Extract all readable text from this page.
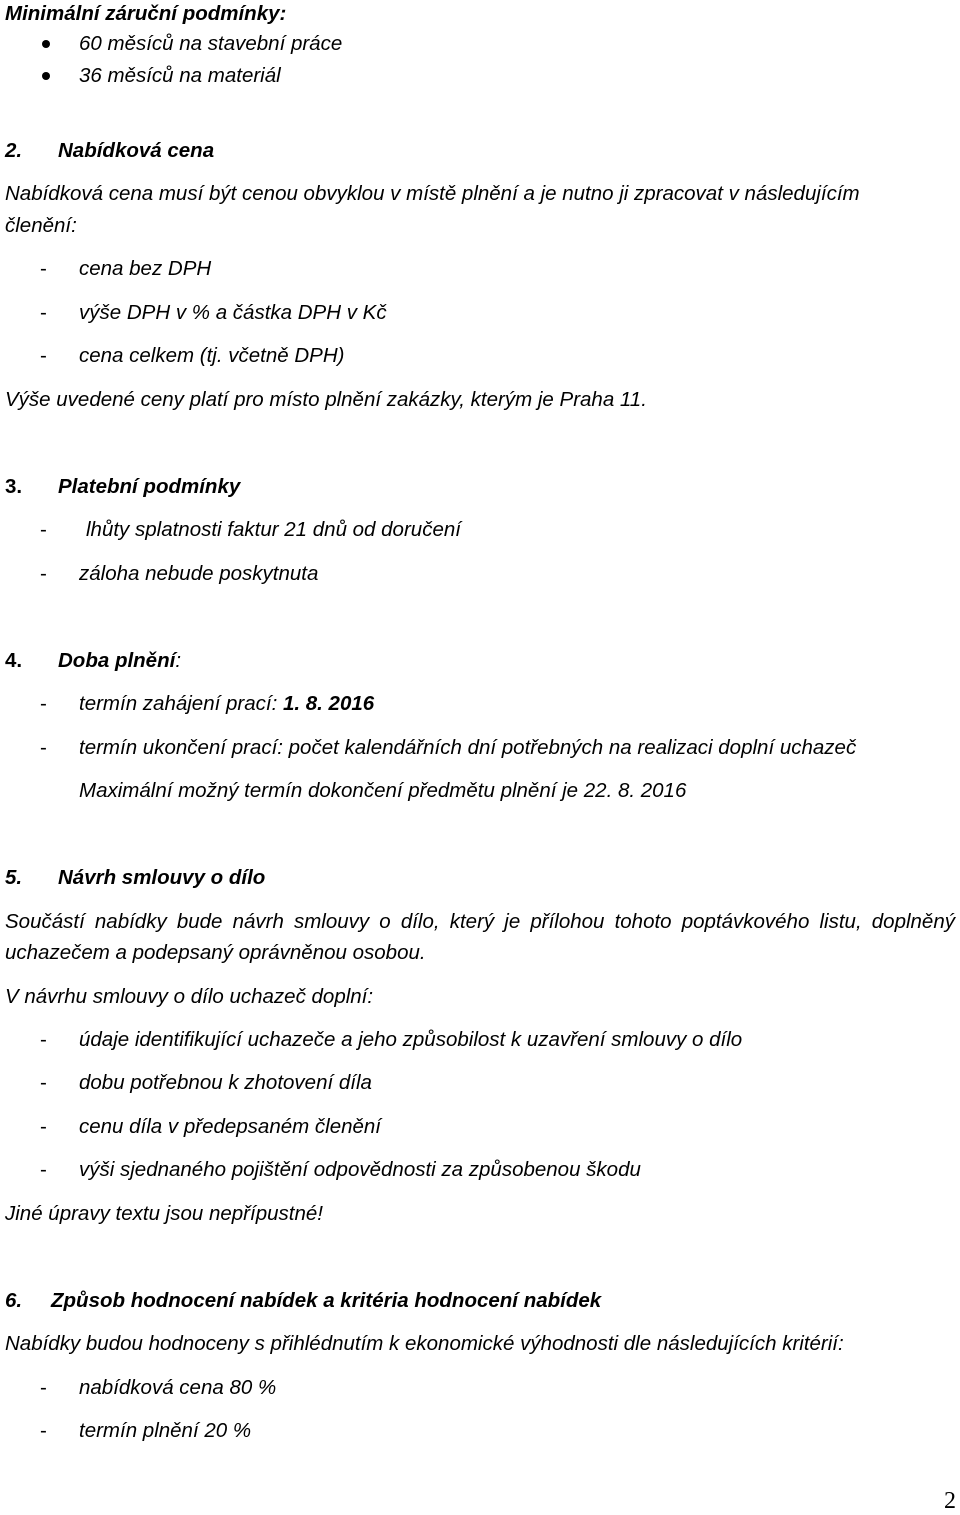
Minimální záruční podmínky:
60 měsíců na stavební práce
36 měsíců na materiál
2. Nabídková cena
Nabídková cena musí být cenou obvyklou v místě plnění a je nutno ji zpracovat v následujícím
členění:
- cena bez DPH
- výše DPH v % a částka DPH v Kč
- cena celkem (tj. včetně DPH)
Výše uvedené ceny platí pro místo plnění zakázky, kterým je Praha 11.
3. Platební podmínky
- lhůty splatnosti faktur 21 dnů od doručení
- záloha nebude poskytnuta
4. Doba plnění:
- termín zahájení prací: 1. 8. 2016
- termín ukončení prací: počet kalendářních dní potřebných na realizaci doplní uchazeč
Maximální možný termín dokončení předmětu plnění je 22. 8. 2016
5. Návrh smlouvy o dílo
Součástí nabídky bude návrh smlouvy o dílo, který je přílohou tohoto poptávkového listu, doplněný uchazečem a podepsaný oprávněnou osobou.
V návrhu smlouvy o dílo uchazeč doplní:
- údaje identifikující uchazeče a jeho způsobilost k uzavření smlouvy o dílo
- dobu potřebnou k zhotovení díla
- cenu díla v předepsaném členění
- výši sjednaného pojištění odpovědnosti za způsobenou škodu
Jiné úpravy textu jsou nepřípustné!
6. Způsob hodnocení nabídek a kritéria hodnocení nabídek
Nabídky budou hodnoceny s přihlédnutím k ekonomické výhodnosti dle následujících kritérií:
- nabídková cena 80 %
- termín plnění 20 %
2
